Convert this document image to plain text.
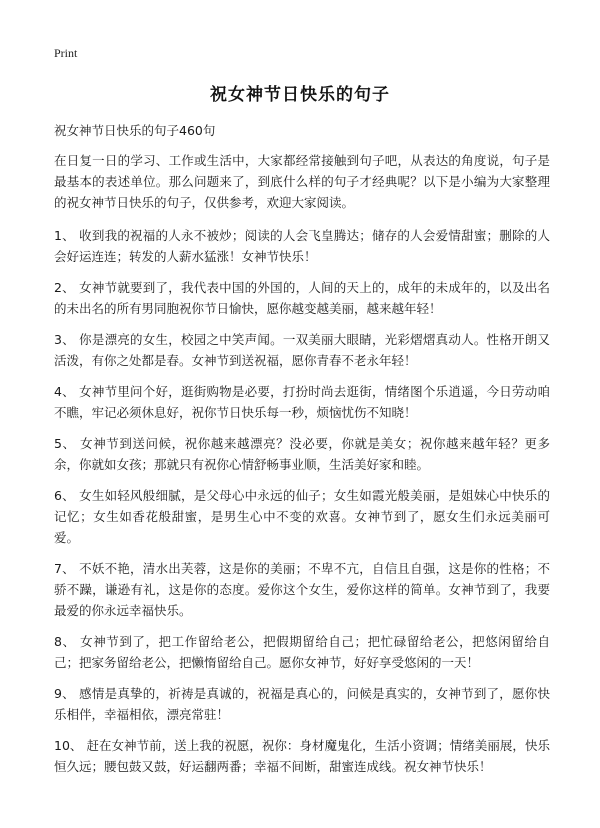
Print
祝女神节日快乐的句子

祝女神节日快乐的句子460句

在日复一日的学习、工作或生活中，大家都经常接触到句子吧，从表达的角度说，句子是最基本的表述单位。那么问题来了，到底什么样的句子才经典呢？以下是小编为大家整理的祝女神节日快乐的句子，仅供参考，欢迎大家阅读。

1、 收到我的祝福的人永不被炒；阅读的人会飞皇腾达；储存的人会爱情甜蜜；删除的人会好运连连；转发的人薪水猛涨！女神节快乐！

2、 女神节就要到了，我代表中国的外国的，人间的天上的，成年的未成年的，以及出名的未出名的所有男同胞祝你节日愉快，愿你越变越美丽，越来越年轻！

3、 你是漂亮的女生，校园之中笑声闻。一双美丽大眼睛，光彩熠熠真动人。性格开朗又活泼，有你之处都是春。女神节到送祝福，愿你青春不老永年轻！

4、 女神节里问个好，逛街购物是必要，打扮时尚去逛街，情绪图个乐逍遥，今日劳动咱不瞧，牢记必须休息好，祝你节日快乐每一秒，烦恼忧伤不知晓！

5、 女神节到送问候，祝你越来越漂亮？没必要，你就是美女；祝你越来越年轻？更多余，你就如女孩；那就只有祝你心情舒畅事业顺，生活美好家和睦。

6、 女生如轻风般细腻，是父母心中永远的仙子；女生如霞光般美丽，是姐妹心中快乐的记忆；女生如香花般甜蜜，是男生心中不变的欢喜。女神节到了，愿女生们永远美丽可爱。

7、 不妖不艳，清水出芙蓉，这是你的美丽；不卑不亢，自信且自强，这是你的性格；不骄不躁，谦逊有礼，这是你的态度。爱你这个女生，爱你这样的简单。女神节到了，我要最爱的你永远幸福快乐。

8、 女神节到了，把工作留给老公，把假期留给自己；把忙碌留给老公，把悠闲留给自己；把家务留给老公，把懒惰留给自己。愿你女神节，好好享受悠闲的一天！

9、 感情是真挚的，祈祷是真诚的，祝福是真心的，问候是真实的，女神节到了，愿你快乐相伴，幸福相依，漂亮常驻！

10、 赶在女神节前，送上我的祝愿，祝你：身材魔鬼化，生活小资调；情绪美丽展，快乐恒久远；腰包鼓又鼓，好运翻两番；幸福不间断，甜蜜连成线。祝女神节快乐！
